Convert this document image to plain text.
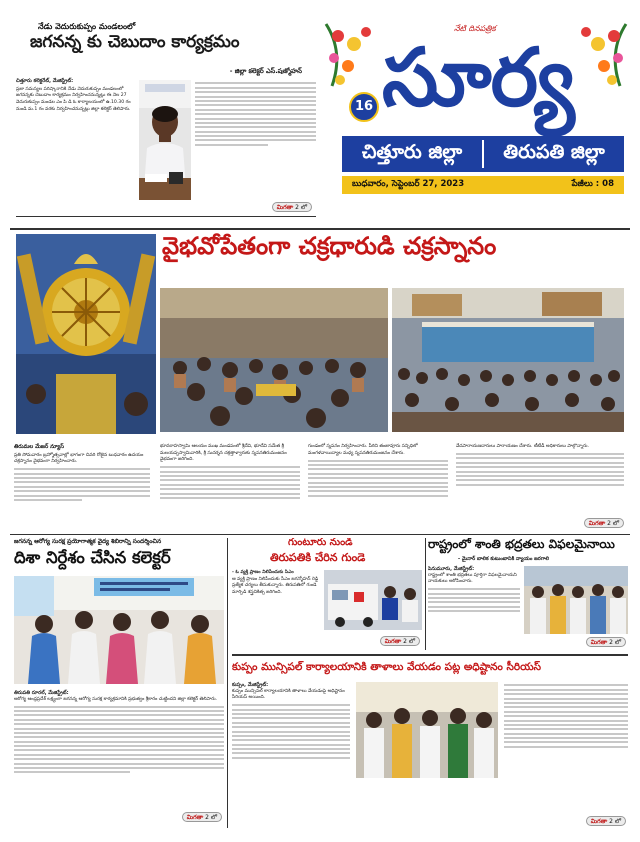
నేడు వెదురుకుప్పం మండలంలో
జగనన్న కు చెబుదాం కార్యక్రమం
- జిల్లా కలెక్టర్ ఎస్.షణ్మోహన్
చిత్తూరు కలెక్టరేట్, మేజిస్ట్రేట్:
ప్రజా సమస్యల పరిష్కారానికి నేడు వెదురుకుప్పం మండలంలో జగనన్నకు చెబుదాం కార్యక్రమం నిర్వహించనున్నట్లు ఈ నెల 27 వెదురుకుప్పం మండల ఎం పి డి ఓ కార్యాలయంలో ఉ.10.30 గం నుండి మ.1 గం వరకు నిర్వహించనున్నట్లు జిల్లా కలెక్టర్ తెలిపారు.
మిగతా 2 లో
నేటి దినపత్రిక
16 సూర్య
చిత్తూరు జిల్లా	తిరుపతి జిల్లా
బుధవారం, సెప్టెంబర్ 27, 2023	పేజీలు : 08
వైభవోపేతంగా చక్రధారుడి చక్రస్నానం
తిరుమల మేజర్ న్యూస్
ప్రతి సోమవారం బ్రహ్మోత్సవాల్లో భాగంగా చివరి రోజైన బుధవారం ఉదయం చక్రస్నానం వైభవంగా నిర్వహించారు.
భూవరాహస్వామి ఆలయం ముఖ మండపంలో శ్రీదేవి, భూదేవి సమేత శ్రీ మలయప్పస్వామివారికి, శ్రీ సుదర్శన చక్రత్తాళ్వారుకు స్నపనతిరుమంజనం వైభవంగా జరిగింది.
గుండంలో స్నపనం నిర్వహించారు. పీఠిని తంజావూరు సన్నిధిలో మంగళవాయిద్యాల మధ్య స్నపనతిరుమంజనం చేశారు.
వేదపారాయణదారులు పారాయణం చేశారు. టీటీడీ అధికారులు పాల్గొన్నారు.
మిగతా 2 లో
జగనన్న ఆరోగ్య సురక్ష ప్రయోగాత్మక వైద్య శిబిరాన్ని సందర్శించిన
దిశా నిర్దేశం చేసిన కలెక్టర్
తిరుపతి రూరల్, మేజిస్ట్రేట్:
ఆరోగ్య ఆంధ్రప్రదేశ్ లక్ష్యంగా జగనన్న ఆరోగ్య సురక్ష కార్యక్రమానికి ప్రభుత్వం శ్రీకారం చుట్టిందని జిల్లా కలెక్టర్ తెలిపారు.
మిగతా 2 లో
గుంటూరు నుండి
తిరుపతికి చేరిన గుండె
- ఓ వ్యక్తి ప్రాణం నిలిపేందుకు సిఎం
ఆ వ్యక్తి ప్రాణం నిలిపేందుకు సీఎం జగన్మోహన్ రెడ్డి ప్రత్యేక చర్యలు తీసుకున్నారు. తిరుపతిలో గుండె మార్పిడి శస్త్రచికిత్స జరిగింది.
మిగతా 2 లో
రాష్ట్రంలో శాంతి భద్రతలు విఫలమైనాయి
- మైనార్ బాలిక కుటుంబానికి న్యాయం జరగాలి
పెనుమూరు, మేజిస్ట్రేట్:
రాష్ట్రంలో శాంతి భద్రతలు పూర్తిగా విఫలమైనాయని నాయకులు ఆరోపించారు.
మిగతా 2 లో
కుప్పం మున్సిపల్ కార్యాలయానికి తాళాలు వేయడం పట్ల అధిష్టానం సీరియస్
కుప్పం, మేజిస్ట్రేట్:
కుప్పం మున్సిపల్ కార్యాలయానికి తాళాలు వేయడంపై అధిష్టానం సీరియస్ అయింది.
మిగతా 2 లో
